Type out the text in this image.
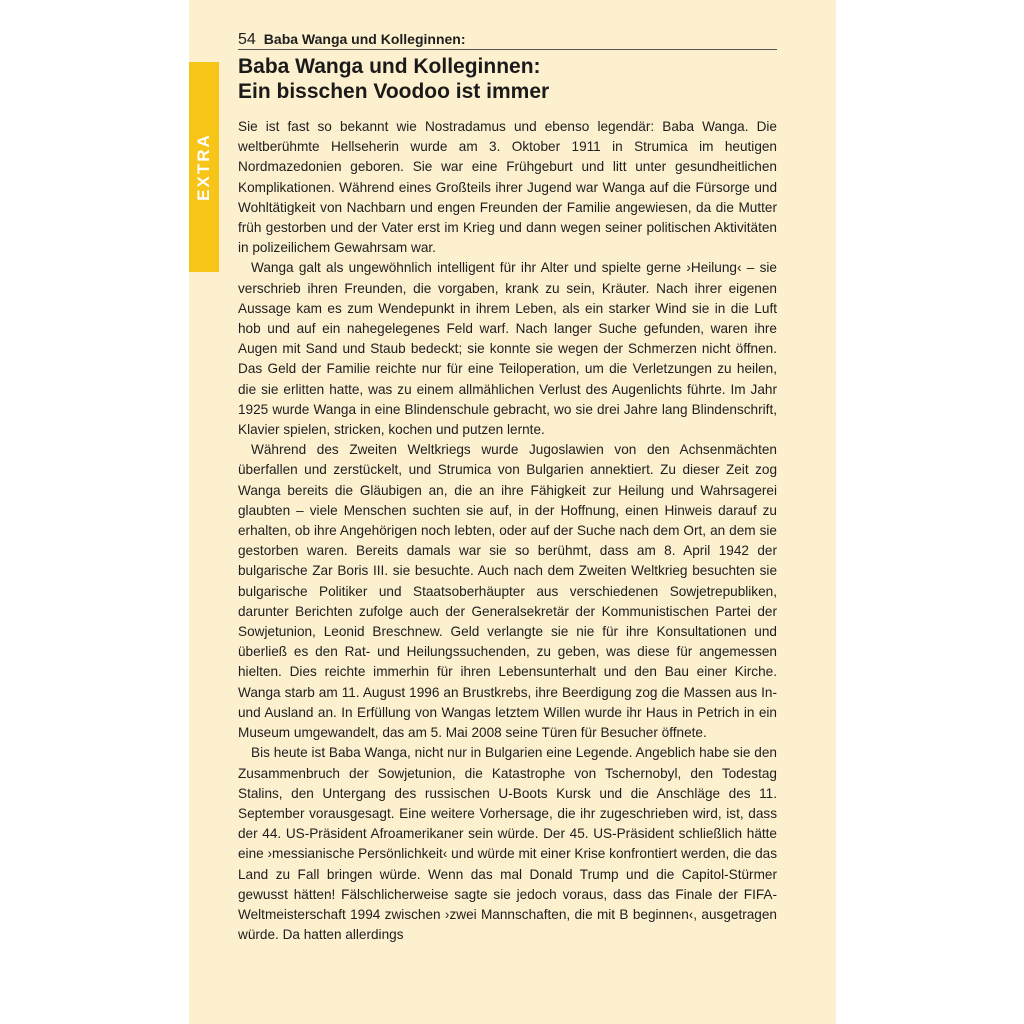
54 Baba Wanga und Kolleginnen:
EXTRA
Baba Wanga und Kolleginnen:
Ein bisschen Voodoo ist immer

Sie ist fast so bekannt wie Nostradamus und ebenso legendär: Baba Wanga. Die weltberühmte Hellseherin wurde am 3. Oktober 1911 in Strumica im heutigen Nordmazedonien geboren. Sie war eine Frühgeburt und litt unter gesundheitlichen Komplikationen. Während eines Großteils ihrer Jugend war Wanga auf die Fürsorge und Wohltätigkeit von Nachbarn und engen Freunden der Familie angewiesen, da die Mutter früh gestorben und der Vater erst im Krieg und dann wegen seiner politischen Aktivitäten in polizeilichem Gewahrsam war.

Wanga galt als ungewöhnlich intelligent für ihr Alter und spielte gerne ›Heilung‹ – sie verschrieb ihren Freunden, die vorgaben, krank zu sein, Kräuter. Nach ihrer eigenen Aussage kam es zum Wendepunkt in ihrem Leben, als ein starker Wind sie in die Luft hob und auf ein nahegelegenes Feld warf. Nach langer Suche gefunden, waren ihre Augen mit Sand und Staub bedeckt; sie konnte sie wegen der Schmerzen nicht öffnen. Das Geld der Familie reichte nur für eine Teiloperation, um die Verletzungen zu heilen, die sie erlitten hatte, was zu einem allmählichen Verlust des Augenlichts führte. Im Jahr 1925 wurde Wanga in eine Blindenschule gebracht, wo sie drei Jahre lang Blindenschrift, Klavier spielen, stricken, kochen und putzen lernte.

Während des Zweiten Weltkriegs wurde Jugoslawien von den Achsenmächten überfallen und zerstückelt, und Strumica von Bulgarien annektiert. Zu dieser Zeit zog Wanga bereits die Gläubigen an, die an ihre Fähigkeit zur Heilung und Wahrsagerei glaubten – viele Menschen suchten sie auf, in der Hoffnung, einen Hinweis darauf zu erhalten, ob ihre Angehörigen noch lebten, oder auf der Suche nach dem Ort, an dem sie gestorben waren. Bereits damals war sie so berühmt, dass am 8. April 1942 der bulgarische Zar Boris III. sie besuchte. Auch nach dem Zweiten Weltkrieg besuchten sie bulgarische Politiker und Staatsoberhäupter aus verschiedenen Sowjetrepubliken, darunter Berichten zufolge auch der Generalsekretär der Kommunistischen Partei der Sowjetunion, Leonid Breschnew. Geld verlangte sie nie für ihre Konsultationen und überließ es den Rat- und Heilungssuchenden, zu geben, was diese für angemessen hielten. Dies reichte immerhin für ihren Lebensunterhalt und den Bau einer Kirche. Wanga starb am 11. August 1996 an Brustkrebs, ihre Beerdigung zog die Massen aus In- und Ausland an. In Erfüllung von Wangas letztem Willen wurde ihr Haus in Petrich in ein Museum umgewandelt, das am 5. Mai 2008 seine Türen für Besucher öffnete.

Bis heute ist Baba Wanga, nicht nur in Bulgarien eine Legende. Angeblich habe sie den Zusammenbruch der Sowjetunion, die Katastrophe von Tschernobyl, den Todestag Stalins, den Untergang des russischen U-Boots Kursk und die Anschläge des 11. September vorausgesagt. Eine weitere Vorhersage, die ihr zugeschrieben wird, ist, dass der 44. US-Präsident Afroamerikaner sein würde. Der 45. US-Präsident schließlich hätte eine ›messianische Persönlichkeit‹ und würde mit einer Krise konfrontiert werden, die das Land zu Fall bringen würde. Wenn das mal Donald Trump und die Capitol-Stürmer gewusst hätten! Fälschlicherweise sagte sie jedoch voraus, dass das Finale der FIFA-Weltmeisterschaft 1994 zwischen ›zwei Mannschaften, die mit B beginnen‹, ausgetragen würde. Da hatten allerdings
